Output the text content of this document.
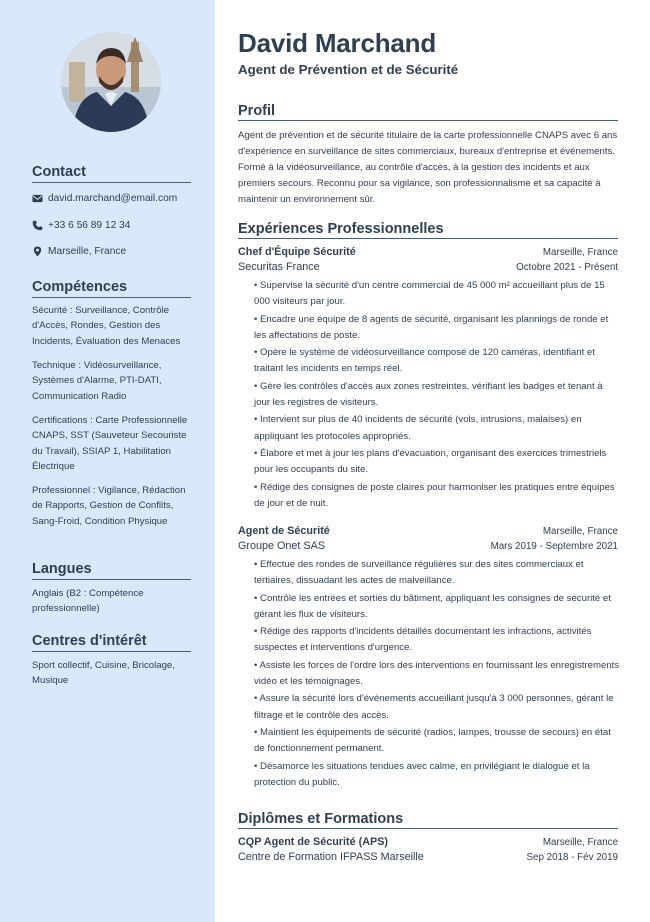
Contact
david.marchand@email.com
+33 6 56 89 12 34
Marseille, France
Compétences
Sécurité : Surveillance, Contrôle d'Accès, Rondes, Gestion des Incidents, Évaluation des Menaces
Technique : Vidéosurveillance, Systèmes d'Alarme, PTI-DATI, Communication Radio
Certifications : Carte Professionnelle CNAPS, SST (Sauveteur Secouriste du Travail), SSIAP 1, Habilitation Électrique
Professionnel : Vigilance, Rédaction de Rapports, Gestion de Conflits, Sang-Froid, Condition Physique
Langues
Anglais (B2 : Compétence professionnelle)
Centres d'intérêt
Sport collectif, Cuisine, Bricolage, Musique
David Marchand
Agent de Prévention et de Sécurité
Profil
Agent de prévention et de sécurité titulaire de la carte professionnelle CNAPS avec 6 ans d'expérience en surveillance de sites commerciaux, bureaux d'entreprise et événements. Formé à la vidéosurveillance, au contrôle d'accès, à la gestion des incidents et aux premiers secours. Reconnu pour sa vigilance, son professionnalisme et sa capacité à maintenir un environnement sûr.
Expériences Professionnelles
Chef d'Équipe Sécurité	Marseille, France
Securitas France	Octobre 2021 - Présent
• Supervise la sécurité d'un centre commercial de 45 000 m² accueillant plus de 15 000 visiteurs par jour.
• Encadre une équipe de 8 agents de sécurité, organisant les plannings de ronde et les affectations de poste.
• Opère le système de vidéosurveillance composé de 120 caméras, identifiant et traitant les incidents en temps réel.
• Gère les contrôles d'accès aux zones restreintes, vérifiant les badges et tenant à jour les registres de visiteurs.
• Intervient sur plus de 40 incidents de sécurité (vols, intrusions, malaises) en appliquant les protocoles appropriés.
• Élabore et met à jour les plans d'évacuation, organisant des exercices trimestriels pour les occupants du site.
• Rédige des consignes de poste claires pour harmoniser les pratiques entre équipes de jour et de nuit.
Agent de Sécurité	Marseille, France
Groupe Onet SAS	Mars 2019 - Septembre 2021
• Effectue des rondes de surveillance régulières sur des sites commerciaux et tertiaires, dissuadant les actes de malveillance.
• Contrôle les entrées et sorties du bâtiment, appliquant les consignes de sécurité et gérant les flux de visiteurs.
• Rédige des rapports d'incidents détaillés documentant les infractions, activités suspectes et interventions d'urgence.
• Assiste les forces de l'ordre lors des interventions en fournissant les enregistrements vidéo et les témoignages.
• Assure la sécurité lors d'événements accueillant jusqu'à 3 000 personnes, gérant le filtrage et le contrôle des accès.
• Maintient les équipements de sécurité (radios, lampes, trousse de secours) en état de fonctionnement permanent.
• Désamorce les situations tendues avec calme, en privilégiant le dialogue et la protection du public.
Diplômes et Formations
CQP Agent de Sécurité (APS)	Marseille, France
Centre de Formation IFPASS Marseille	Sep 2018 - Fév 2019
